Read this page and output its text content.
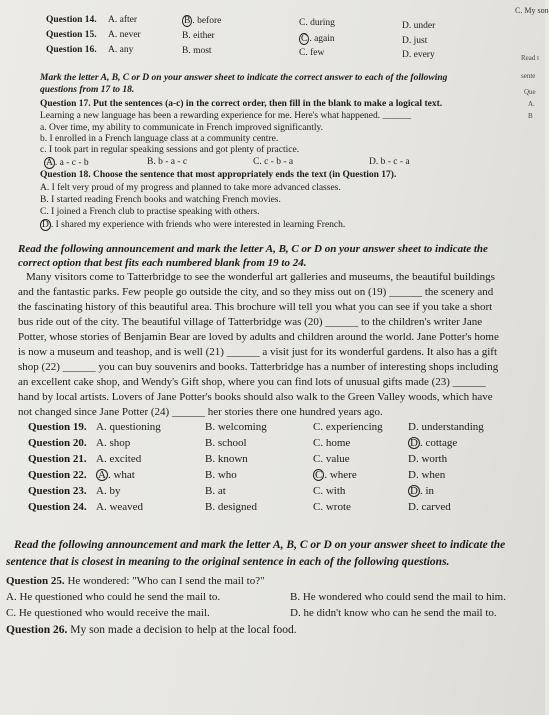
Question 14. A. after	B . before	C. during	D. under
Question 15. A. never	B. either	C . again	D. just
Question 16. A. any	B. most	C. few	D. every
C. My son
Read t
sente
Que
A.
B
Mark the letter A, B, C or D on your answer sheet to indicate the correct answer to each of the following
questions from 17 to 18.
Question 17. Put the sentences (a-c) in the correct order, then fill in the blank to make a logical text.
Learning a new language has been a rewarding experience for me. Here's what happened. ______
a. Over time, my ability to communicate in French improved significantly.
b. I enrolled in a French language class at a community centre.
c. I took part in regular speaking sessions and got plenty of practice.
A . a - c - b	B. b - a - c	C. c - b - a	D. b - c - a
Question 18. Choose the sentence that most appropriately ends the text (in Question 17).
A. I felt very proud of my progress and planned to take more advanced classes.
B. I started reading French books and watching French movies.
C. I joined a French club to practise speaking with others.
D . I shared my experience with friends who were interested in learning French.
Read the following announcement and mark the letter A, B, C or D on your answer sheet to indicate the
correct option that best fits each numbered blank from 19 to 24.
Many visitors come to Tatterbridge to see the wonderful art galleries and museums, the beautiful buildings
and the fantastic parks. Few people go outside the city, and so they miss out on (19) ______ the scenery and
the fascinating history of this beautiful area. This brochure will tell you what you can see if you take a short
bus ride out of the city. The beautiful village of Tatterbridge was (20) ______ to the children's writer Jane
Potter, whose stories of Benjamin Bear are loved by adults and children around the world. Jane Potter's home
is now a museum and teashop, and is well (21) ______ a visit just for its wonderful gardens. It also has a gift
shop (22) ______ you can buy souvenirs and books. Tatterbridge has a number of interesting shops including
an excellent cake shop, and Wendy's Gift shop, where you can find lots of unusual gifts made (23) ______
hand by local artists. Lovers of Jane Potter's books should also walk to the Green Valley woods, which have
not changed since Jane Potter (24) ______ her stories there one hundred years ago.
Question 19. A. questioning	B. welcoming	C. experiencing D. understanding
Question 20. A. shop	B. school	C. home	D . cottage
Question 21. A. excited	B. known	C. value	D. worth
Question 22. A . what	B. who	C . where	D. when
Question 23. A. by	B. at	C. with	D . in
Question 24. A. weaved	B. designed	C. wrote	D. carved
Read the following announcement and mark the letter A, B, C or D on your answer sheet to indicate the
sentence that is closest in meaning to the original sentence in each of the following questions.
Question 25. He wondered: "Who can I send the mail to?"
A. He questioned who could he send the mail to.	B. He wondered who could send the mail to him.
C. He questioned who would receive the mail.	D. he didn't know who can he send the mail to.
Question 26. My son made a decision to help at the local food.
